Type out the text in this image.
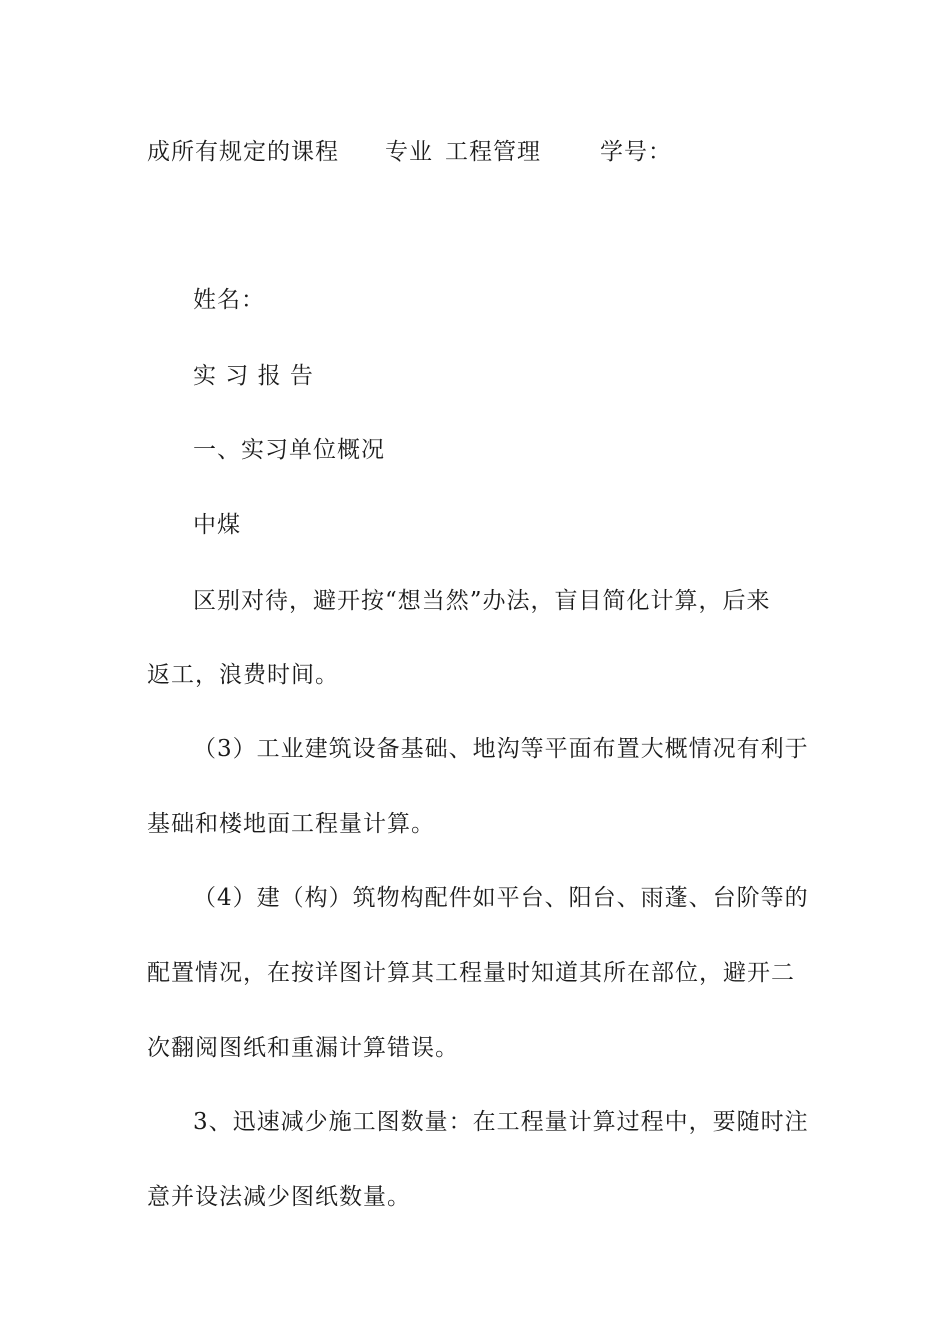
成所有规定的课程 专业 工程管理	学号：
姓名：
实 习 报 告
一、实习单位概况
中煤
区别对待，避开按“想当然”办法，盲目简化计算，后来
返工，浪费时间。
（3）工业建筑设备基础、地沟等平面布置大概情况有利于
基础和楼地面工程量计算。
（4）建（构）筑物构配件如平台、阳台、雨蓬、台阶等的
配置情况，在按详图计算其工程量时知道其所在部位，避开二
次翻阅图纸和重漏计算错误。
3、迅速减少施工图数量：在工程量计算过程中，要随时注
意并设法减少图纸数量。
